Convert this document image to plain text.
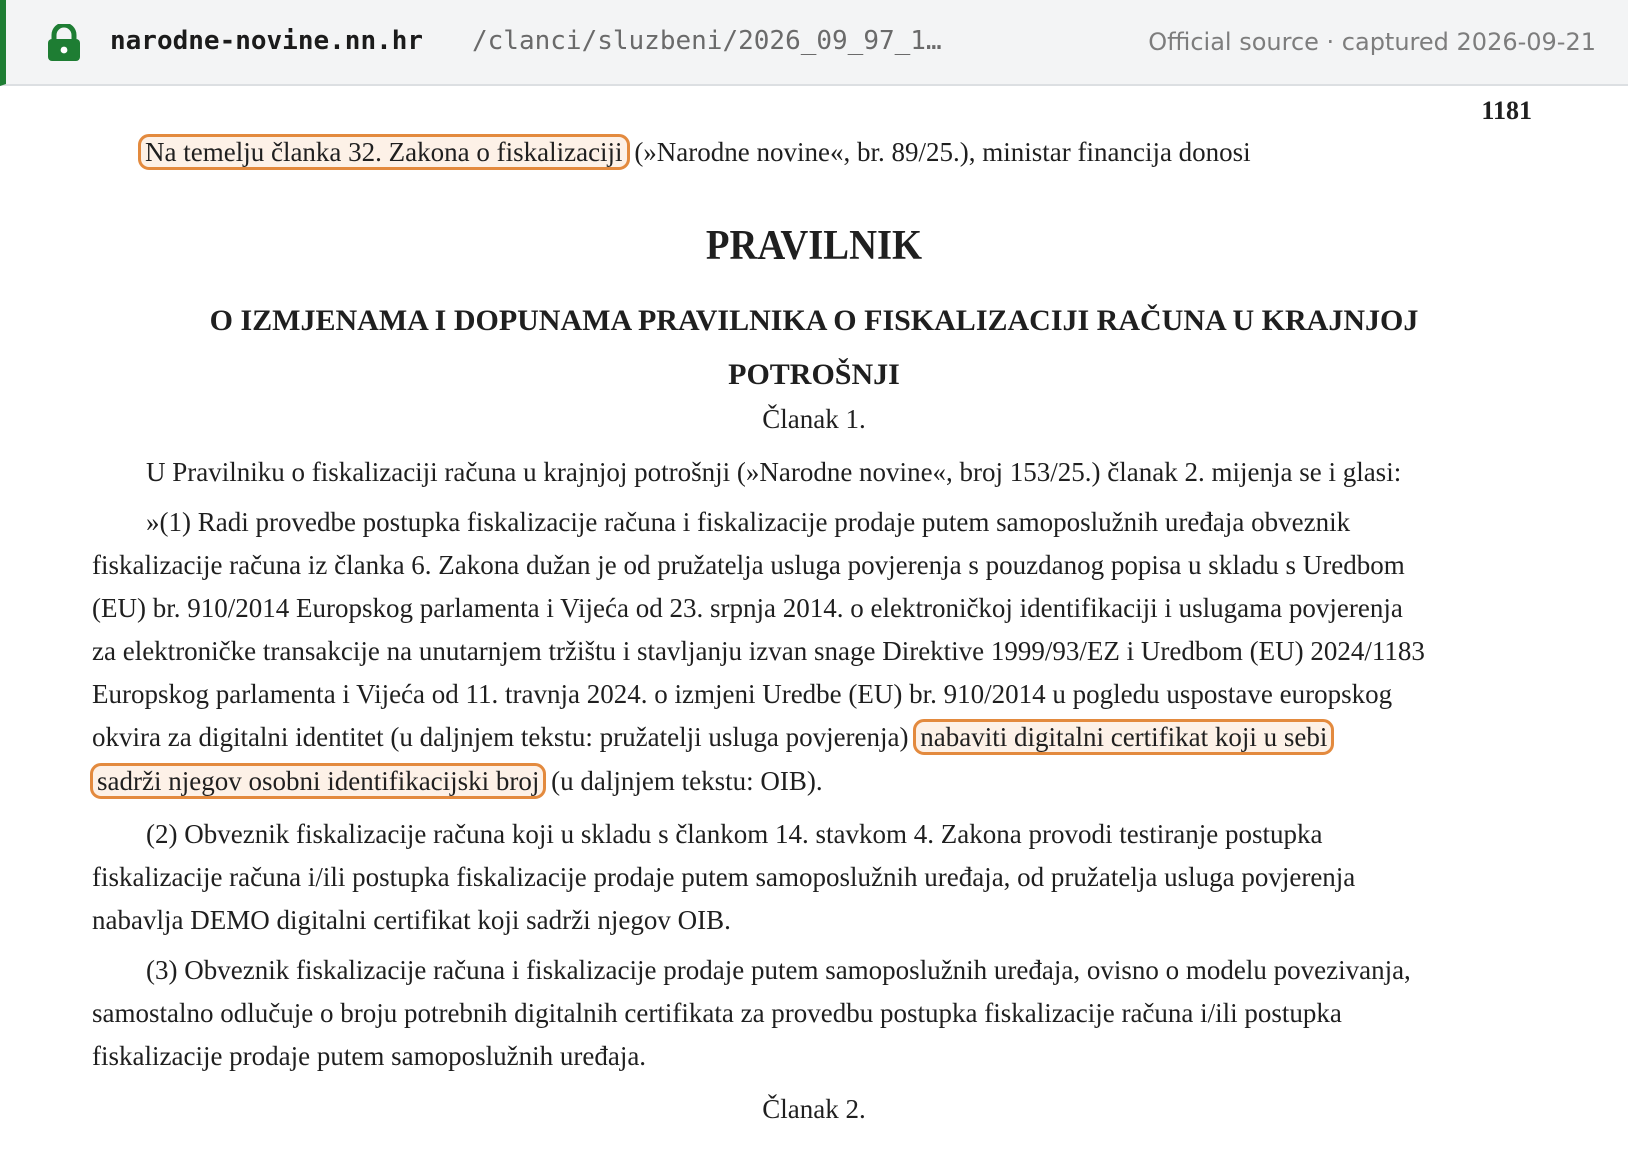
narodne-novine.nn.hr /clanci/sluzbeni/2026_09_97_1…	Official source · captured 2026-09-21
1181
Na temelju članka 32. Zakona o fiskalizaciji (»Narodne novine«, br. 89/25.), ministar financija donosi
PRAVILNIK
O IZMJENAMA I DOPUNAMA PRAVILNIKA O FISKALIZACIJI RAČUNA U KRAJNJOJ
POTROŠNJI
Članak 1.
U Pravilniku o fiskalizaciji računa u krajnjoj potrošnji (»Narodne novine«, broj 153/25.) članak 2. mijenja se i glasi:
»(1) Radi provedbe postupka fiskalizacije računa i fiskalizacije prodaje putem samoposlužnih uređaja obveznik
fiskalizacije računa iz članka 6. Zakona dužan je od pružatelja usluga povjerenja s pouzdanog popisa u skladu s Uredbom
(EU) br. 910/2014 Europskog parlamenta i Vijeća od 23. srpnja 2014. o elektroničkoj identifikaciji i uslugama povjerenja
za elektroničke transakcije na unutarnjem tržištu i stavljanju izvan snage Direktive 1999/93/EZ i Uredbom (EU) 2024/1183
Europskog parlamenta i Vijeća od 11. travnja 2024. o izmjeni Uredbe (EU) br. 910/2014 u pogledu uspostave europskog
okvira za digitalni identitet (u daljnjem tekstu: pružatelji usluga povjerenja) nabaviti digitalni certifikat koji u sebi
sadrži njegov osobni identifikacijski broj (u daljnjem tekstu: OIB).
(2) Obveznik fiskalizacije računa koji u skladu s člankom 14. stavkom 4. Zakona provodi testiranje postupka
fiskalizacije računa i/ili postupka fiskalizacije prodaje putem samoposlužnih uređaja, od pružatelja usluga povjerenja
nabavlja DEMO digitalni certifikat koji sadrži njegov OIB.
(3) Obveznik fiskalizacije računa i fiskalizacije prodaje putem samoposlužnih uređaja, ovisno o modelu povezivanja,
samostalno odlučuje o broju potrebnih digitalnih certifikata za provedbu postupka fiskalizacije računa i/ili postupka
fiskalizacije prodaje putem samoposlužnih uređaja.
Članak 2.
